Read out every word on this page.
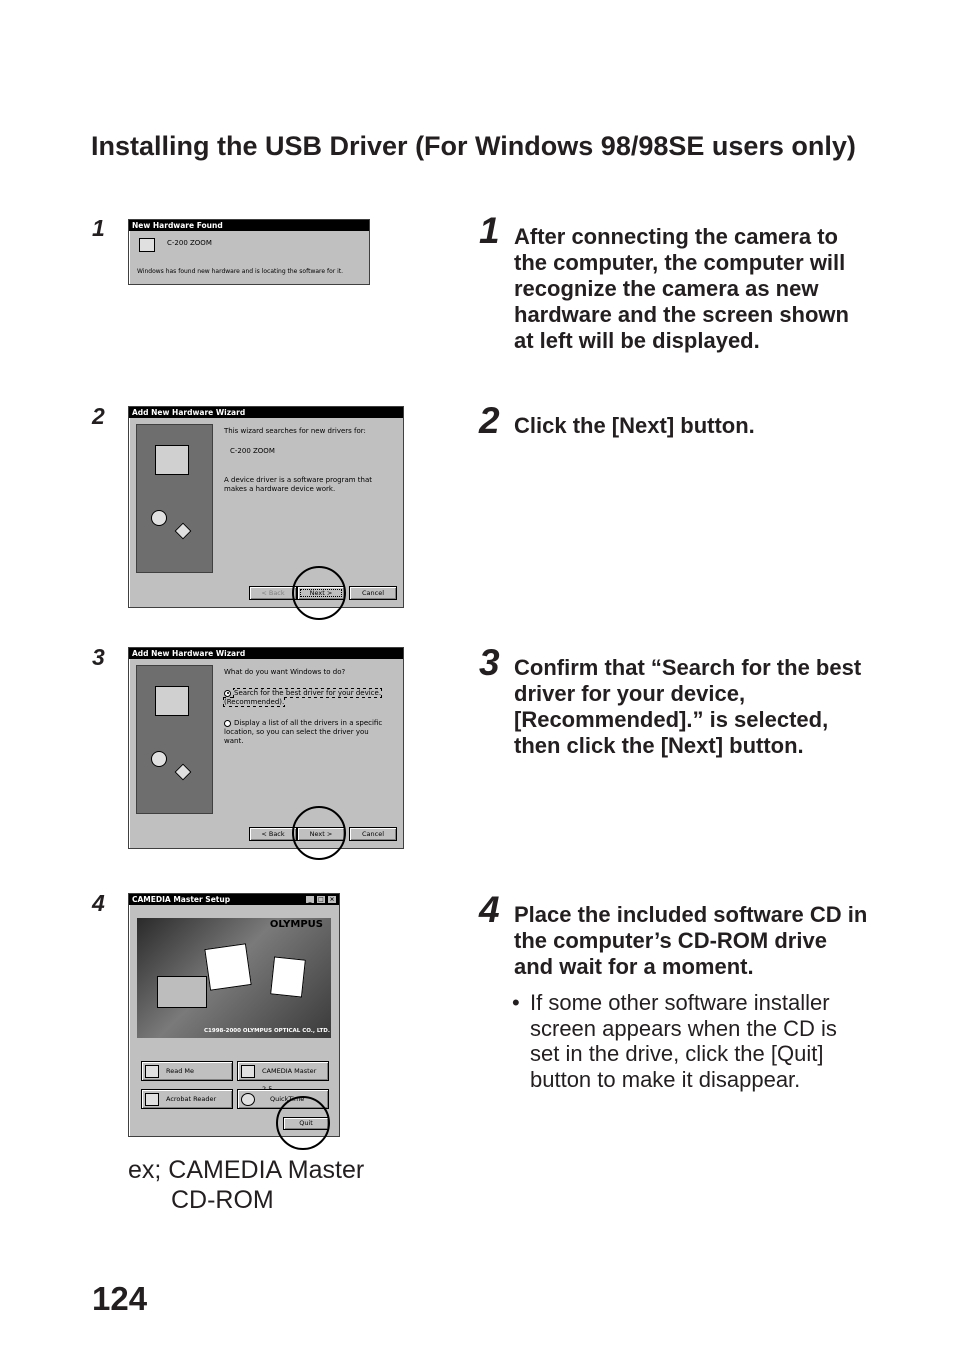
Installing the USB Driver (For Windows 98/98SE users only)
1
2
3
4
New Hardware Found
C-200 ZOOM
Windows has found new hardware and is locating the software for it.
Add New Hardware Wizard
This wizard searches for new drivers for:
C-200 ZOOM
A device driver is a software program that makes a hardware device work.
< Back	Next >	Cancel
Add New Hardware Wizard
What do you want Windows to do?
Search for the best driver for your device. (Recommended).
Display a list of all the drivers in a specific location, so you can select the driver you want.
< Back	Next >	Cancel
CAMEDIA Master Setup	_ □ ×
OLYMPUS
C1998-2000 OLYMPUS OPTICAL CO., LTD.
Read Me	CAMEDIA Master
Acrobat Reader	QuickTime
Quit
1 After connecting the camera to the computer, the computer will recognize the camera as new hardware and the screen shown at left will be displayed.
2 Click the [Next] button.
3 Confirm that “Search for the best driver for your device, [Recommended].” is selected, then click the [Next] button.
4 Place the included software CD in the computer’s CD-ROM drive and wait for a moment.
• If some other software installer screen appears when the CD is set in the drive, click the [Quit] button to make it disappear.
ex; CAMEDIA Master
CD-ROM
124
